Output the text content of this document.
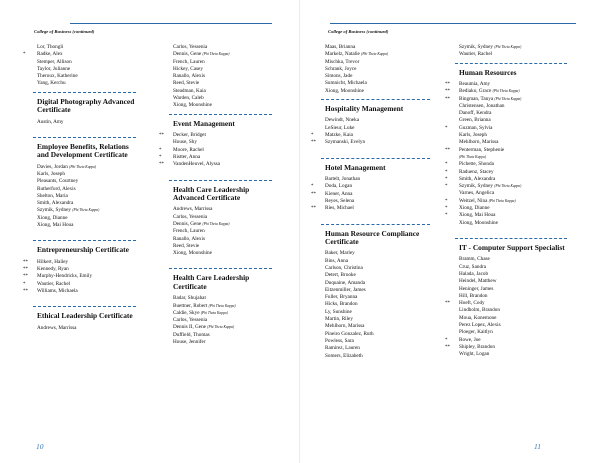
College of Business (continued)
Lor, Thongli
*	Radke, Alex
Stemper, Allison
Taylor, Julianne
Theroux, Katherine
Yang, Kerchu
Digital Photography Advanced Certificate
Austin, Amy
Employee Benefits, Relations and Development Certificate
Davies, Jordan (Phi Theta Kappa)
Karls, Joseph
Pleasants, Courtney
Rutherford, Alexis
Shelton, Maria
Smith, Alexandra
Szymik, Sydney (Phi Theta Kappa)
Xiong, Dianne
Xiong, Mai Houa
Entrepreneurship Certificate
**	Hilkert, Hailey
**	Kennedy, Ryan
**	Murphy-Hendricks, Emily
*	Wautier, Rachel
**	Williams, Michaela
Ethical Leadership Certificate
Andrews, Marrissa
Carlos, Yessenia
Dennis, Gene (Phi Theta Kappa)
French, Lauren
Hickey, Casey
Ranallo, Alexis
Reed, Stevie
Steadman, Kaia
Warden, Caleb
Xiong, Moonshine
Event Management
**	Decker, Bridget
House, Shy
*	Moore, Rachel
*	Ristter, Anna
**	VandenHeuvel, Alyssa
Health Care Leadership Advanced Certificate
Andrews, Marrissa
Carlos, Yessenia
Dennis, Gene (Phi Theta Kappa)
French, Lauren
Ranallo, Alexis
Reed, Stevie
Xiong, Moonshine
Health Care Leadership Certificate
Badar, Shujahat
Buettner, Robert (Phi Theta Kappa)
Caldie, Skye (Phi Theta Kappa)
Carlos, Yessenia
Dennis II, Gene (Phi Theta Kappa)
Duffield, Thomas
House, Jennifer
10
College of Business (continued)
Maas, Brianna
Markelz, Natalie (Phi Theta Kappa)
Mischka, Trevor
Schrank, Joyce
Simons, Jade
Sumnicht, Michaela
Xiong, Moonshine
Hospitality Management
Dewindt, Nneka
LeSieur, Luke
*	Matzke, Kaia
**	Szymanski, Evelyn
Hotel Management
Bartelt, Jonathan
*	Doda, Logan
**	Kiener, Anna
Reyes, Selena
**	Ries, Michael
Human Resource Compliance Certificate
Baker, Marley
Bins, Anna
Carlson, Christina
Detert, Brooke
Duquaine, Amanda
Eitzenmiller, James
Fuller, Bryanna
Hicks, Brandon
Ly, Sunshine
Martin, Riley
Mehlhorn, Marissa
Pineiro Gonzalez, Ruth
Powless, Sara
Ramirez, Lauren
Somers, Elizabeth
Szymik, Sydney (Phi Theta Kappa)
Wautier, Rachel
Human Resources
**	Beaumia, Amy
**	Bediako, Grace (Phi Theta Kappa)
**	Bingman, Tanya (Phi Theta Kappa)
Christensen, Jonathan
Danoff, Kendra
Green, Brianna
*	Guzman, Sylvia
Karls, Joseph
Mehlhorn, Marissa
**	Penterman, Stephenie
(Phi Theta Kappa)
*	Pichette, Shonda
*	Raduenz, Stacey
*	Smith, Alexandra
*	Szymik, Sydney (Phi Theta Kappa)
Varnes, Angelica
*	Weitzel, Nina (Phi Theta Kappa)
*	Xiong, Dianne
*	Xiong, Mai Houa
Xiong, Moonshine
IT - Computer Support Specialist
Bramm, Chase
Cruz, Sandra
Halada, Jacob
Heindel, Matthew
Heninger, James
Hill, Brandon
**	Hoeft, Cody
Lindholm, Brandon
Moua, Konemone
Perez Lopez, Alexis
Ploeger, Kaitlyn
*	Rowe, Joe
**	Shipley, Brandon
Wright, Logan
11
